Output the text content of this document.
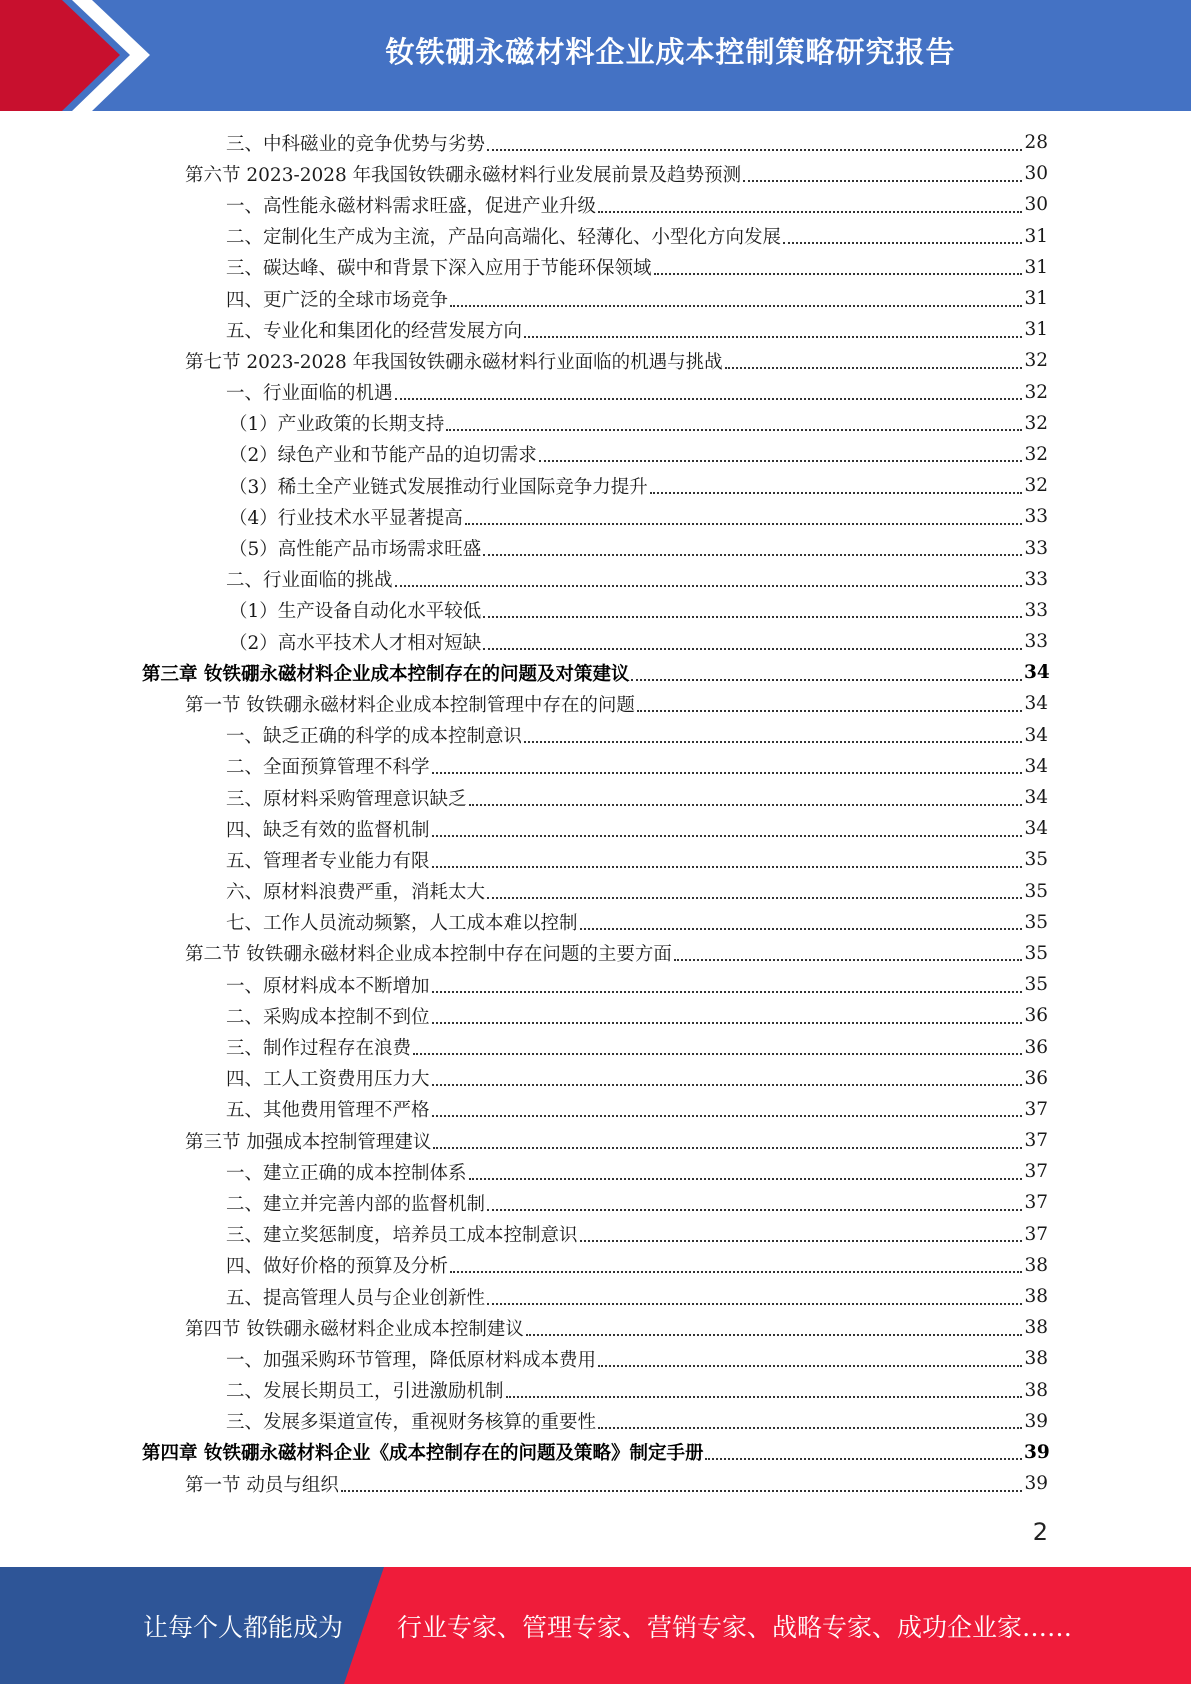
钕铁硼永磁材料企业成本控制策略研究报告
三、中科磁业的竞争优势与劣势	28
第六节 2023-2028 年我国钕铁硼永磁材料行业发展前景及趋势预测	30
一、高性能永磁材料需求旺盛，促进产业升级	30
二、定制化生产成为主流，产品向高端化、轻薄化、小型化方向发展	31
三、碳达峰、碳中和背景下深入应用于节能环保领域	31
四、更广泛的全球市场竞争	31
五、专业化和集团化的经营发展方向	31
第七节 2023-2028 年我国钕铁硼永磁材料行业面临的机遇与挑战	32
一、行业面临的机遇	32
（1）产业政策的长期支持	32
（2）绿色产业和节能产品的迫切需求	32
（3）稀土全产业链式发展推动行业国际竞争力提升	32
（4）行业技术水平显著提高	33
（5）高性能产品市场需求旺盛	33
二、行业面临的挑战	33
（1）生产设备自动化水平较低	33
（2）高水平技术人才相对短缺	33
第三章 钕铁硼永磁材料企业成本控制存在的问题及对策建议	34
第一节 钕铁硼永磁材料企业成本控制管理中存在的问题	34
一、缺乏正确的科学的成本控制意识	34
二、全面预算管理不科学	34
三、原材料采购管理意识缺乏	34
四、缺乏有效的监督机制	34
五、管理者专业能力有限	35
六、原材料浪费严重，消耗太大	35
七、工作人员流动频繁，人工成本难以控制	35
第二节 钕铁硼永磁材料企业成本控制中存在问题的主要方面	35
一、原材料成本不断增加	35
二、采购成本控制不到位	36
三、制作过程存在浪费	36
四、工人工资费用压力大	36
五、其他费用管理不严格	37
第三节 加强成本控制管理建议	37
一、建立正确的成本控制体系	37
二、建立并完善内部的监督机制	37
三、建立奖惩制度，培养员工成本控制意识	37
四、做好价格的预算及分析	38
五、提高管理人员与企业创新性	38
第四节 钕铁硼永磁材料企业成本控制建议	38
一、加强采购环节管理，降低原材料成本费用	38
二、发展长期员工，引进激励机制	38
三、发展多渠道宣传，重视财务核算的重要性	39
第四章 钕铁硼永磁材料企业《成本控制存在的问题及策略》制定手册	39
第一节 动员与组织	39
2
让每个人都能成为 行业专家、管理专家、营销专家、战略专家、成功企业家……
